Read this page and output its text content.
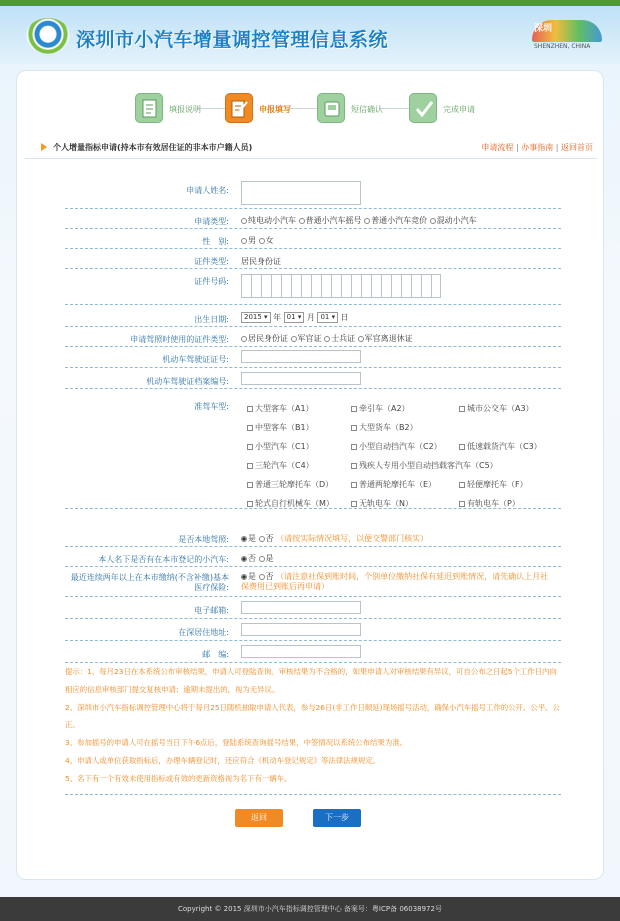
深圳市小汽车增量调控管理信息系统	深圳
SHENZHEN, CHINA
填报说明	申报填写	短信确认	完成申请
个人增量指标申请(持本市有效居住证的非本市户籍人员)	申请流程 | 办事指南 | 返回首页
申请人姓名:
申请类型:	纯电动小汽车 普通小汽车摇号 普通小汽车竞价 混动小汽车
性　别:	男 女
证件类型: 居民身份证
证件号码:
出生日期:	2015 ▾ 年 01 ▾ 月 01 ▾ 日
申请驾照时使用的证件类型:	居民身份证 军官证 士兵证 军官离退休证
机动车驾驶证证号:
机动车驾驶证档案编号:
准驾车型:	大型客车（A1）	牵引车（A2）	城市公交车（A3）
中型客车（B1）	大型货车（B2）
小型汽车（C1）	小型自动挡汽车（C2）	低速载货汽车（C3）
三轮汽车（C4）	残疾人专用小型自动挡载客汽车（C5）
普通三轮摩托车（D）	普通两轮摩托车（E）	轻便摩托车（F）
轮式自行机械车（M）	无轨电车（N）	有轨电车（P）
是否本地驾照:	是 否 （请按实际情况填写，以便交警部门核实）
本人名下是否有在本市登记的小汽车:	否 是
最近连续两年以上在本市缴纳(不含补缴)基本医疗保险:
是 否 （请注意社保到账时间，个别单位缴纳社保有延迟到账情况，请先确认上月社保费用已到账后再申请）
电子邮箱:
在深居住地址:
邮　编:

提示：1、每月23日在本系统公布审核结果，申请人可登陆查询。审核结果为不合格的，如果申请人对审核结果有异议，可自公布之日起5个工作日内向相应的信息审核部门提交复核申请；逾期未提出的，视为无异议。

2、深圳市小汽车指标调控管理中心将于每月25日随机抽取申请人代表，参与26日(非工作日顺延)现场摇号活动，确保小汽车摇号工作的公开、公平、公正。

3、参加摇号的申请人可在摇号当日下午6点后，登陆系统查询摇号结果，中签情况以系统公布结果为准。

4、申请人或单位获取指标后，办理车辆登记时，还应符合《机动车登记规定》等法律法规规定。

5、名下有一个有效未使用指标或有效的更新资格视为名下有一辆车。

返回	下一步
Copyright © 2015 深圳市小汽车指标调控管理中心 备案号：粤ICP备 06038972号
